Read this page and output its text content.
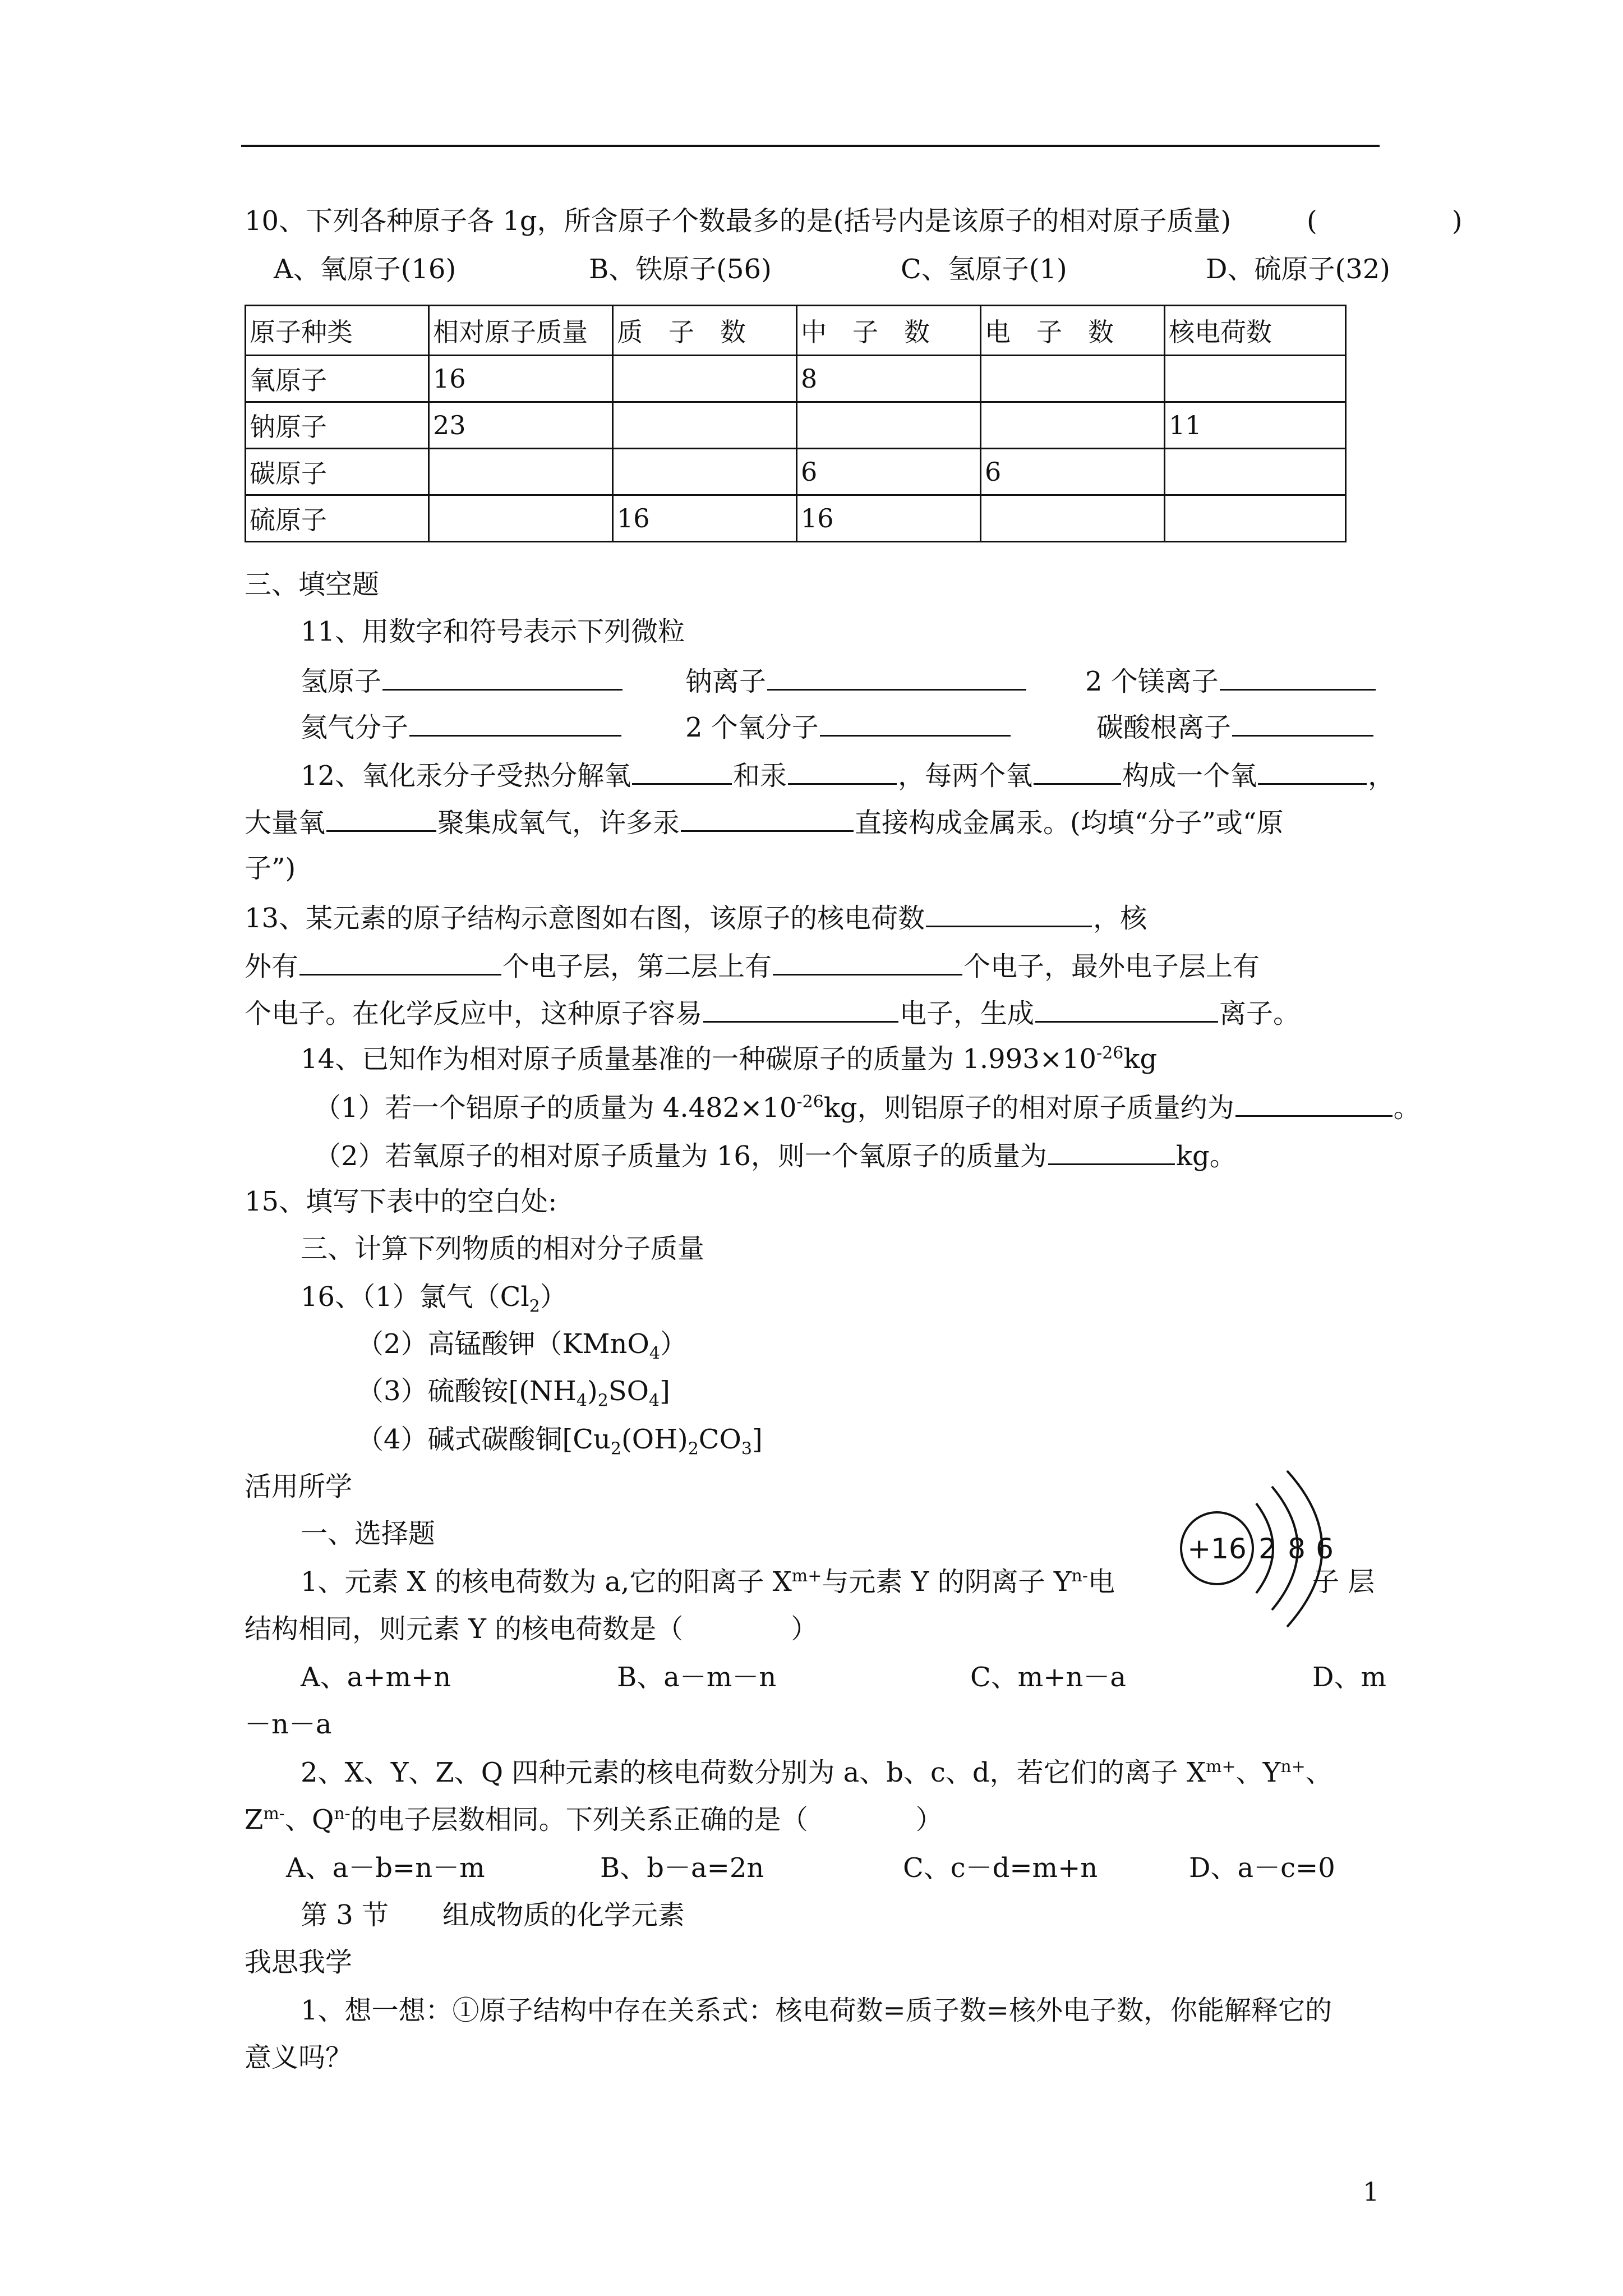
10、下列各种原子各 1g，所含原子个数最多的是(括号内是该原子的相对原子质量)	(　　　　　)
A、氧原子(16)	B、铁原子(56)	C、氢原子(1)	D、硫原子(32)
原子种类	相对原子质量	质　子　数	中　子　数	电　子　数	核电荷数
氧原子	16		8		
钠原子	23				11
碳原子			6	6	
硫原子		16	16		
三、填空题
11、用数字和符号表示下列微粒
氢原子	钠离子	2 个镁离子
氦气分子	2 个氧分子	碳酸根离子
12、氧化汞分子受热分解氧	和汞	，每两个氧	构成一个氧	，
大量氧	聚集成氧气，许多汞	直接构成金属汞。(均填“分子”或“原
子”)
13、某元素的原子结构示意图如右图，该原子的核电荷数	，核
外有	个电子层，第二层上有	个电子，最外电子层上有
个电子。在化学反应中，这种原子容易	电子，生成	离子。
14、已知作为相对原子质量基准的一种碳原子的质量为 $1.993\times 10^{-26}kg$
（1）若一个铝原子的质量为 $4.482\times 10^{-26}kg$，则铝原子的相对原子质量约为	。
（2）若氧原子的相对原子质量为 16，则一个氧原子的质量为	kg。
15、填写下表中的空白处:
三、计算下列物质的相对分子质量
16、（1）氯气$(Cl_2)$
（2）高锰酸钾（KMnO$_4$）
（3）硫酸铵$[(NH_4)_2SO_4]$
（4）碱式碳酸铜$[Cu_2(OH)_2CO_3]$
活用所学
一、选择题	+16 2 8 6
1、元素 X 的核电荷数为 a,它的阳离子 $X^{m+}$与元素 Y 的阴离子 $Y^{n-}$电	子 层
结构相同，则元素 Y 的核电荷数是（　　　　）
A、a+m+n	B、a－m－n	C、m+n－a	D、m
－n－a
2、X、Y、Z、Q 四种元素的核电荷数分别为 a、b、c、d，若它们的离子 $X^{m+}$、$Y^{n+}$、
$Z^{m-}$、$Q^{n-}$的电子层数相同。下列关系正确的是（　　　　）
A、a－b=n－m	B、b－a=2n	C、c－d=m+n	D、a－c=0
第 3 节　　组成物质的化学元素
我思我学
1、想一想：①原子结构中存在关系式：核电荷数=质子数=核外电子数，你能解释它的
意义吗？
1
